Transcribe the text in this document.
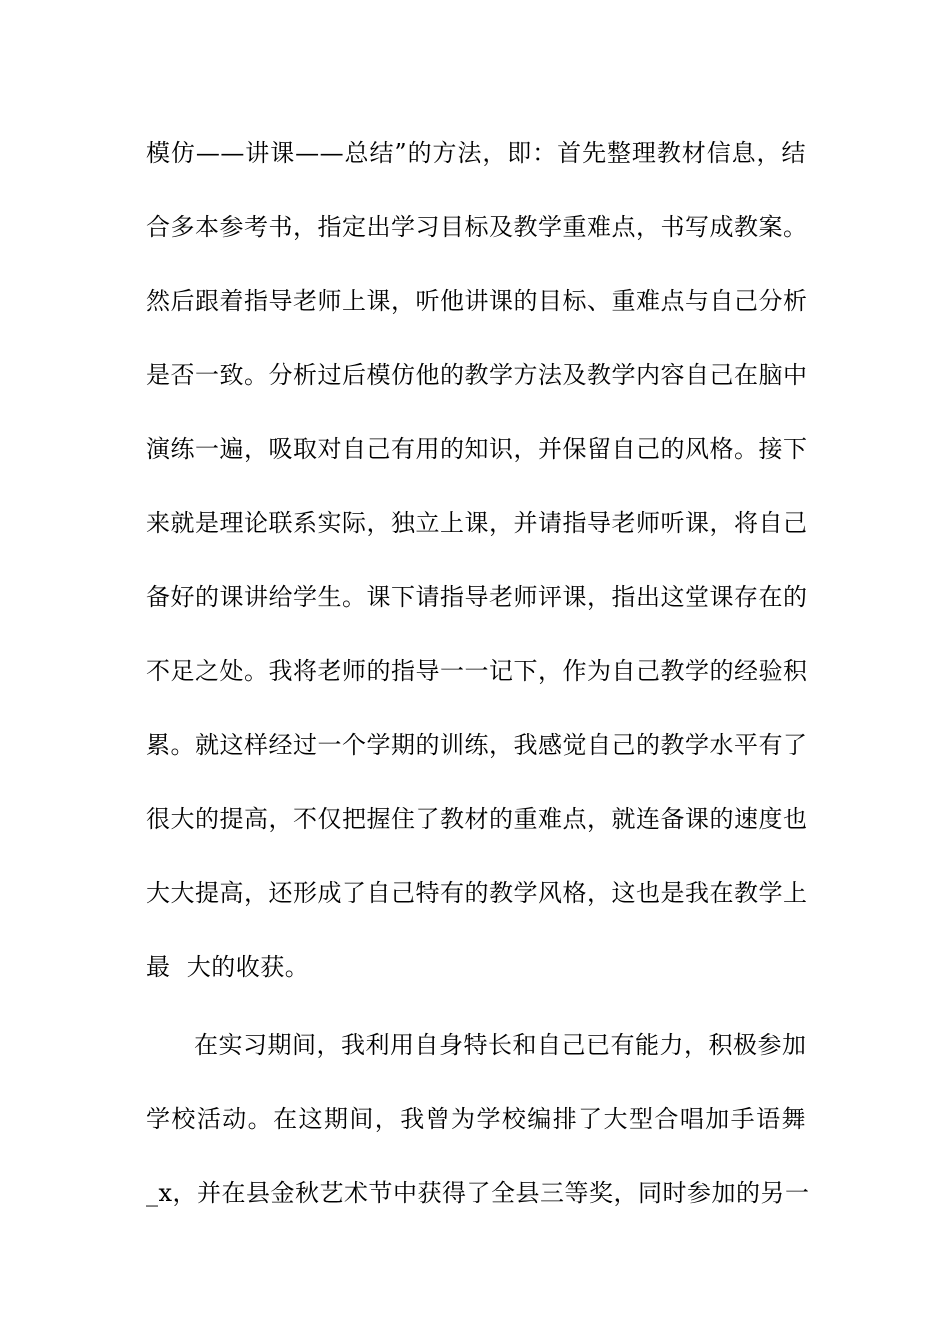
模仿——讲课——总结”的方法，即：首先整理教材信息，结
合多本参考书，指定出学习目标及教学重难点，书写成教案。
然后跟着指导老师上课，听他讲课的目标、重难点与自己分析
是否一致。分析过后模仿他的教学方法及教学内容自己在脑中
演练一遍，吸取对自己有用的知识，并保留自己的风格。接下
来就是理论联系实际，独立上课，并请指导老师听课，将自己
备好的课讲给学生。课下请指导老师评课，指出这堂课存在的
不足之处。我将老师的指导一一记下，作为自己教学的经验积
累。就这样经过一个学期的训练，我感觉自己的教学水平有了
很大的提高，不仅把握住了教材的重难点，就连备课的速度也
大大提高，还形成了自己特有的教学风格，这也是我在教学上
最  大的收获。
在实习期间，我利用自身特长和自己已有能力，积极参加
学校活动。在这期间，我曾为学校编排了大型合唱加手语舞
_x，并在县金秋艺术节中获得了全县三等奖，同时参加的另一
